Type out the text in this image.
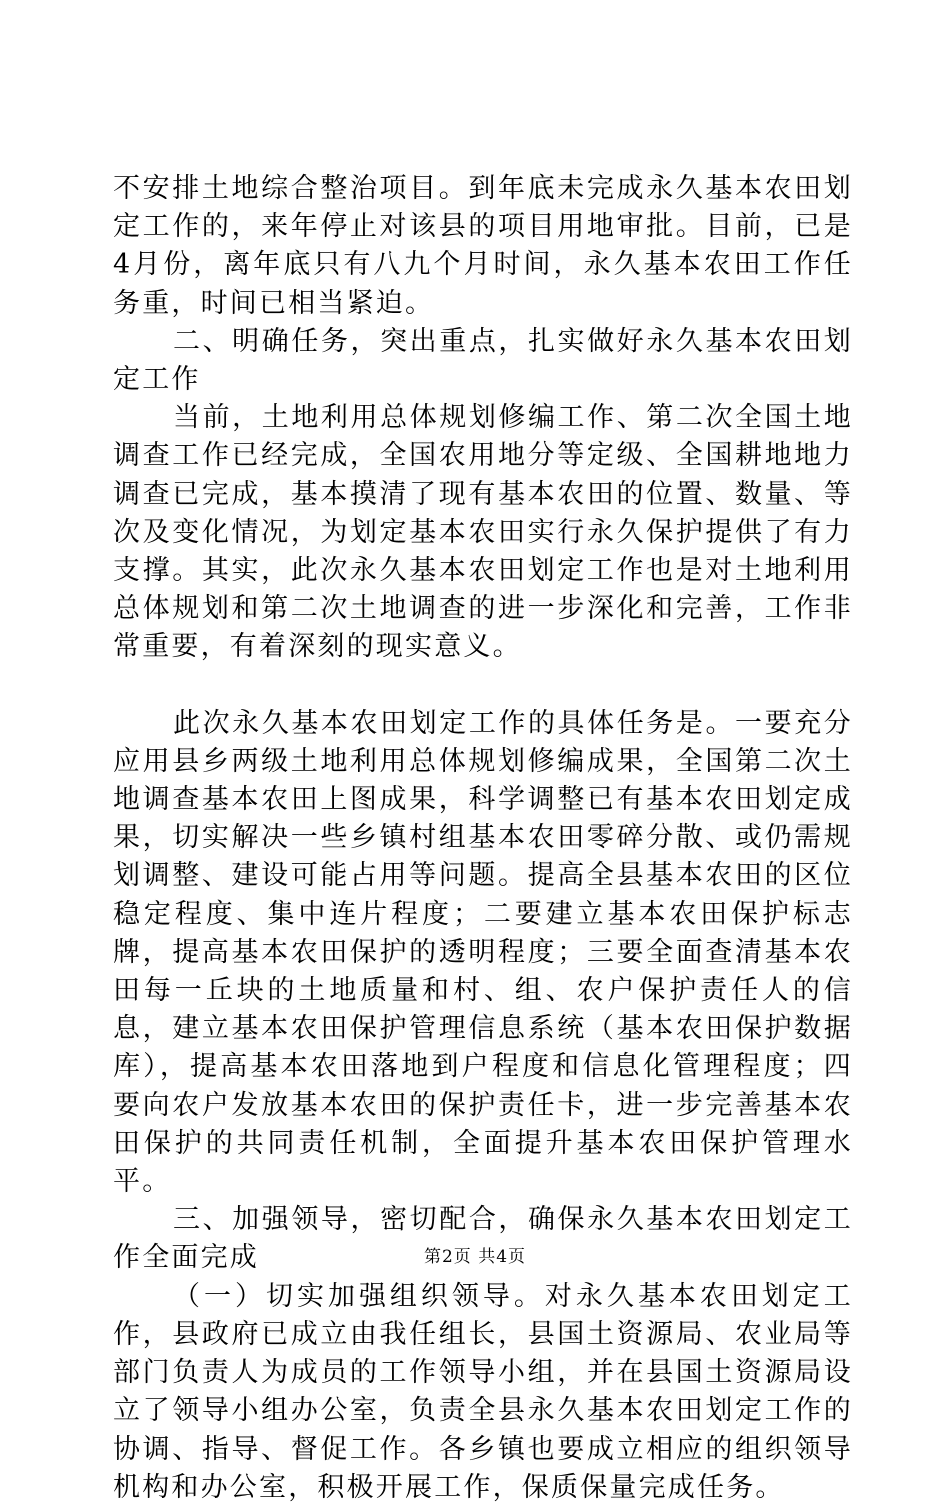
不安排土地综合整治项目。到年底未完成永久基本农田划定工作的，来年停止对该县的项目用地审批。目前，已是4月份，离年底只有八九个月时间，永久基本农田工作任务重，时间已相当紧迫。

二、明确任务，突出重点，扎实做好永久基本农田划定工作

当前，土地利用总体规划修编工作、第二次全国土地调查工作已经完成，全国农用地分等定级、全国耕地地力调查已完成，基本摸清了现有基本农田的位置、数量、等次及变化情况，为划定基本农田实行永久保护提供了有力支撑。其实，此次永久基本农田划定工作也是对土地利用总体规划和第二次土地调查的进一步深化和完善，工作非常重要，有着深刻的现实意义。

此次永久基本农田划定工作的具体任务是。一要充分应用县乡两级土地利用总体规划修编成果，全国第二次土地调查基本农田上图成果，科学调整已有基本农田划定成果，切实解决一些乡镇村组基本农田零碎分散、或仍需规划调整、建设可能占用等问题。提高全县基本农田的区位稳定程度、集中连片程度；二要建立基本农田保护标志牌，提高基本农田保护的透明程度；三要全面查清基本农田每一丘块的土地质量和村、组、农户保护责任人的信息，建立基本农田保护管理信息系统（基本农田保护数据库），提高基本农田落地到户程度和信息化管理程度；四要向农户发放基本农田的保护责任卡，进一步完善基本农田保护的共同责任机制，全面提升基本农田保护管理水平。

三、加强领导，密切配合，确保永久基本农田划定工作全面完成

（一）切实加强组织领导。对永久基本农田划定工作，县政府已成立由我任组长，县国土资源局、农业局等部门负责人为成员的工作领导小组，并在县国土资源局设立了领导小组办公室，负责全县永久基本农田划定工作的协调、指导、督促工作。各乡镇也要成立相应的组织领导机构和办公室，积极开展工作，保质保量完成任务。

第2页 共4页
